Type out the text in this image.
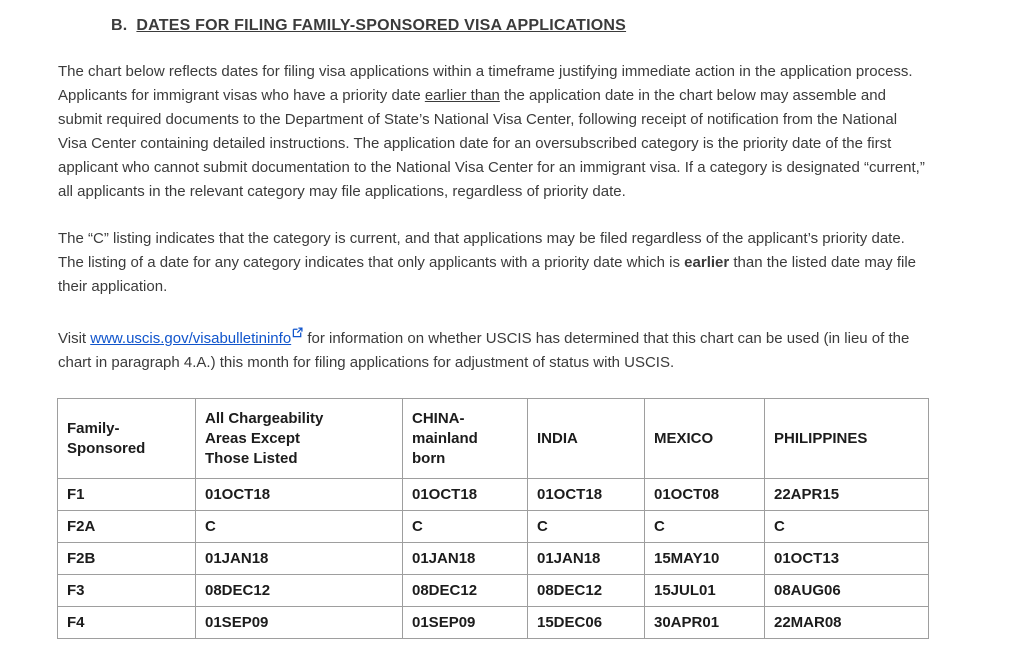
B. DATES FOR FILING FAMILY-SPONSORED VISA APPLICATIONS

The chart below reflects dates for filing visa applications within a timeframe justifying immediate action in the application process. Applicants for immigrant visas who have a priority date earlier than the application date in the chart below may assemble and submit required documents to the Department of State’s National Visa Center, following receipt of notification from the National Visa Center containing detailed instructions. The application date for an oversubscribed category is the priority date of the first applicant who cannot submit documentation to the National Visa Center for an immigrant visa. If a category is designated “current,” all applicants in the relevant category may file applications, regardless of priority date.

The “C” listing indicates that the category is current, and that applications may be filed regardless of the applicant’s priority date. The listing of a date for any category indicates that only applicants with a priority date which is earlier than the listed date may file their application.

Visit www.uscis.gov/visabulletininfo for information on whether USCIS has determined that this chart can be used (in lieu of the chart in paragraph 4.A.) this month for filing applications for adjustment of status with USCIS.

Family-
Sponsored	All Chargeability
Areas Except
Those Listed	CHINA-
mainland
born	INDIA	MEXICO	PHILIPPINES

F1	01OCT18	01OCT18	01OCT18	01OCT08	22APR15
F2A	C	C	C	C	C
F2B	01JAN18	01JAN18	01JAN18	15MAY10	01OCT13
F3	08DEC12	08DEC12	08DEC12	15JUL01	08AUG06
F4	01SEP09	01SEP09	15DEC06	30APR01	22MAR08
